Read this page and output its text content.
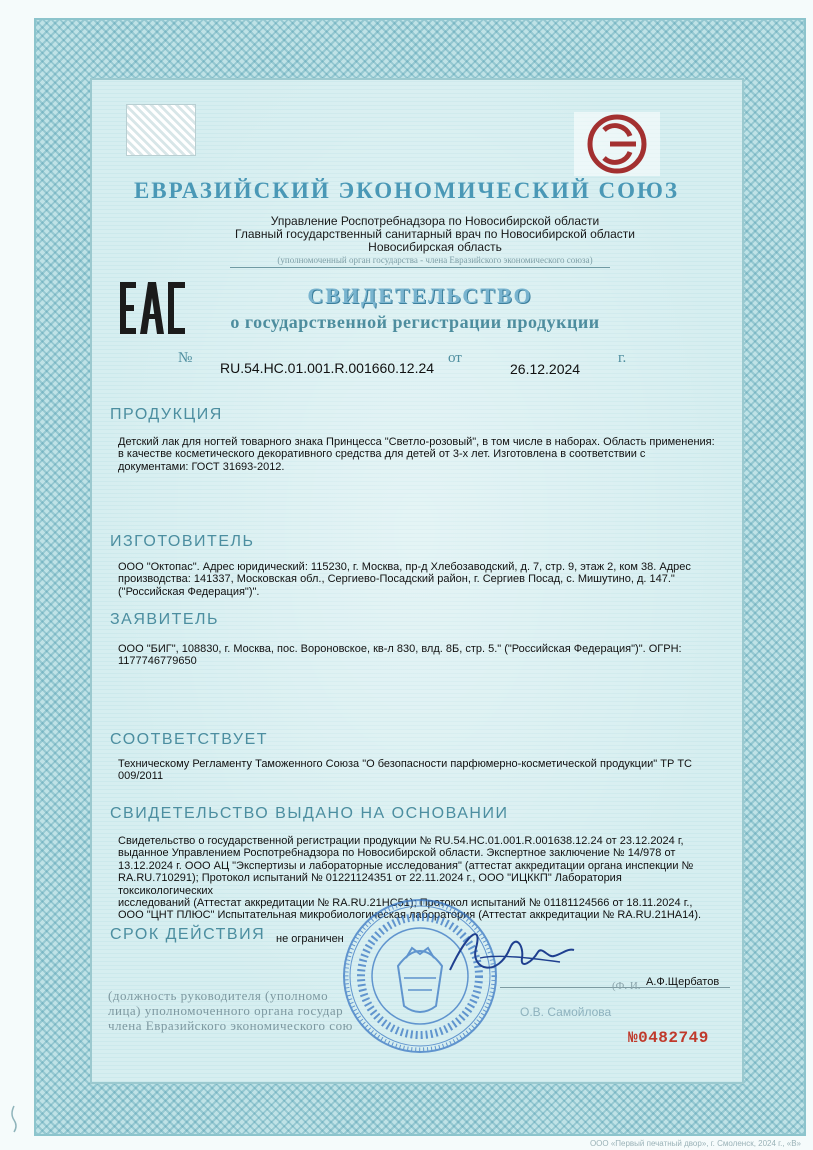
ЕВРАЗИЙСКИЙ ЭКОНОМИЧЕСКИЙ СОЮЗ
Управление Роспотребнадзора по Новосибирской области
Главный государственный санитарный врач по Новосибирской области
Новосибирская область
(уполномоченный орган государства - члена Евразийского экономического союза)
СВИДЕТЕЛЬСТВО
о государственной регистрации продукции
№
RU.54.НС.01.001.R.001660.12.24
от
26.12.2024
г.
ПРОДУКЦИЯ
Детский лак для ногтей товарного знака Принцесса "Светло-розовый", в том числе в наборах. Область применения:
в качестве косметического декоративного средства для детей от 3-х лет. Изготовлена в соответствии с
документами: ГОСТ 31693-2012.
ИЗГОТОВИТЕЛЬ
ООО "Октопас". Адрес юридический: 115230, г. Москва, пр-д Хлебозаводский, д. 7, стр. 9, этаж 2, ком 38. Адрес
производства: 141337, Московская обл., Сергиево-Посадский район, г. Сергиев Посад, с. Мишутино, д. 147."
("Российская Федерация")".
ЗАЯВИТЕЛЬ
ООО "БИГ", 108830, г. Москва, пос. Вороновское, кв-л 830, влд. 8Б, стр. 5." ("Российская Федерация")". ОГРН:
1177746779650
СООТВЕТСТВУЕТ
Техническому Регламенту Таможенного Союза "О безопасности парфюмерно-косметической продукции" ТР ТС
009/2011
СВИДЕТЕЛЬСТВО ВЫДАНО НА ОСНОВАНИИ
Свидетельство о государственной регистрации продукции № RU.54.НС.01.001.R.001638.12.24 от 23.12.2024 г,
выданное Управлением Роспотребнадзора по Новосибирской области. Экспертное заключение № 14/978 от
13.12.2024 г. ООО АЦ "Экспертизы и лабораторные исследования" (аттестат аккредитации органа инспекции №
RA.RU.710291); Протокол испытаний № 01221124351 от 22.11.2024 г., ООО "ИЦККП" Лаборатория токсикологических
исследований (Аттестат аккредитации № RA.RU.21НС51); Протокол испытаний № 01181124566 от 18.11.2024 г.,
ООО "ЦНТ ПЛЮС" Испытательная микробиологическая лаборатория (Аттестат аккредитации № RA.RU.21НА14).
СРОК ДЕЙСТВИЯ не ограничен
(должность руководителя (уполномо
лица) уполномоченного органа государ
члена Евразийского экономического сою
(Ф. И. А.Ф.Щербатов
О.В. Самойлова
№0482749
ООО «Первый печатный двор», г. Смоленск, 2024 г., «В»
